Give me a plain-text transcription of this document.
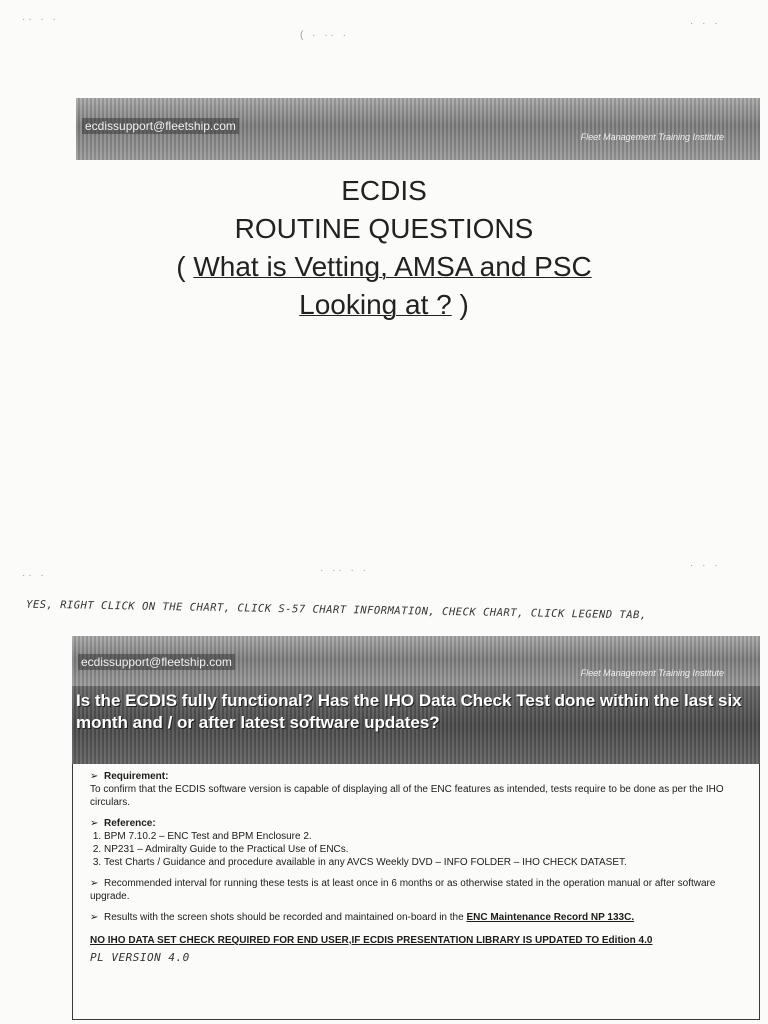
·· · ·
( · ·· ·
· · ·
·· ·	· ·· · ·	· · ·
ecdissupport@fleetship.com
Fleet Management Training Institute
ECDIS
ROUTINE QUESTIONS
( What is Vetting, AMSA and PSC
Looking at ? )
YES, RIGHT CLICK ON THE CHART, CLICK S-57 CHART INFORMATION, CHECK CHART, CLICK LEGEND TAB,
ecdissupport@fleetship.com
Fleet Management Training Institute
Is the ECDIS fully functional? Has the IHO Data Check Test done within the last six month and / or after latest software updates?
➢ Requirement:
To confirm that the ECDIS software version is capable of displaying all of the ENC features as intended, tests require to be done as per the IHO circulars.
➢ Reference:
1. BPM 7.10.2 – ENC Test and BPM Enclosure 2.
2. NP231 – Admiralty Guide to the Practical Use of ENCs.
3. Test Charts / Guidance and procedure available in any AVCS Weekly DVD – INFO FOLDER – IHO CHECK DATASET.
➢ Recommended interval for running these tests is at least once in 6 months or as otherwise stated in the operation manual or after software upgrade.
➢ Results with the screen shots should be recorded and maintained on-board in the ENC Maintenance Record NP 133C.
NO IHO DATA SET CHECK REQUIRED FOR END USER,IF ECDIS PRESENTATION LIBRARY IS UPDATED TO Edition 4.0
PL VERSION 4.0
